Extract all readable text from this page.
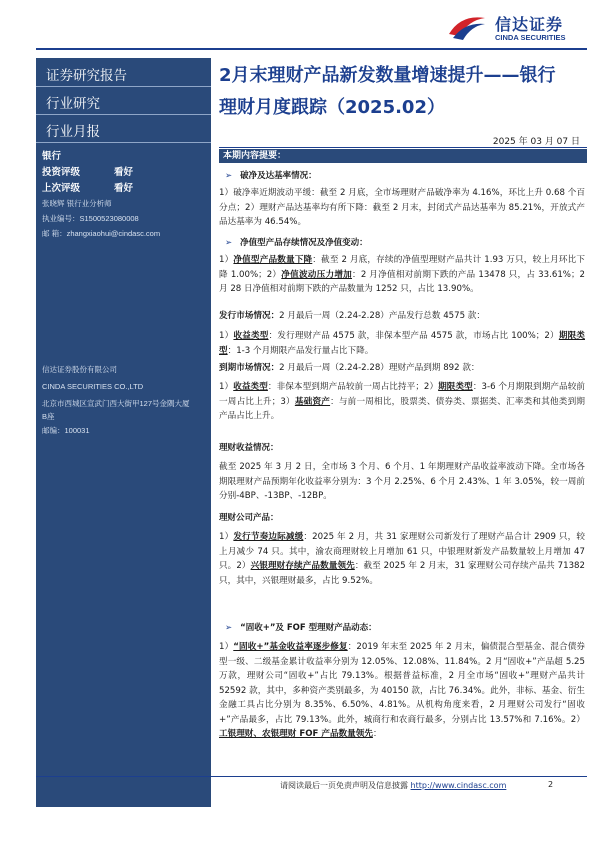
信达证券
CINDA SECURITIES
证券研究报告
行业研究
行业月报
银行
投资评级	看好
上次评级	看好
张晓辉 银行业分析师
执业编号：S1500523080008
邮 箱：zhangxiaohui@cindasc.com
信达证券股份有限公司
CINDA SECURITIES CO.,LTD
北京市西城区宣武门西大街甲127号金隅大厦
B座
邮编：100031
2月末理财产品新发数量增速提升——银行
理财月度跟踪（2025.02）
2025 年 03 月 07 日
本期内容提要：
➢ 破净及达基率情况：
1）破净率近期波动平缓：截至 2 月底，全市场理财产品破净率为 4.16%，环比上升 0.68 个百分点；2）理财产品达基率均有所下降：截至 2 月末，封闭式产品达基率为 85.21%，开放式产品达基率为 46.54%。
➢ 净值型产品存续情况及净值变动：
1）净值型产品数量下降：截至 2 月底，存续的净值型理财产品共计 1.93 万只，较上月环比下降 1.00%；2）净值波动压力增加：2 月净值相对前期下跌的产品 13478 只，占 33.61%；2 月 28 日净值相对前期下跌的产品数量为 1252 只，占比 13.90%。
发行市场情况：2 月最后一周（2.24-2.28）产品发行总数 4575 款：
1）收益类型：发行理财产品 4575 款，非保本型产品 4575 款，市场占比 100%；2）期限类型：1-3 个月期限产品发行量占比下降。
到期市场情况：2 月最后一周（2.24-2.28）理财产品到期 892 款：
1）收益类型：非保本型到期产品较前一周占比持平；2）期限类型：3-6 个月期限到期产品较前一周占比上升；3）基础资产：与前一周相比，股票类、债券类、票据类、汇率类和其他类到期产品占比上升。
理财收益情况：
截至 2025 年 3 月 2 日，全市场 3 个月、6 个月、1 年期理财产品收益率波动下降。全市场各期限理财产品预期年化收益率分别为：3 个月 2.25%、6 个月 2.43%、1 年 3.05%，较一周前分别-4BP、-13BP、-12BP。
理财公司产品：
1）发行节奏边际减缓：2025 年 2 月，共 31 家理财公司新发行了理财产品合计 2909 只，较上月减少 74 只。其中，渝农商理财较上月增加 61 只，中银理财新发产品数量较上月增加 47 只。2）兴银理财存续产品数量领先：截至 2025 年 2 月末，31 家理财公司存续产品共 71382 只，其中，兴银理财最多，占比 9.52%。
➢ “固收+”及 FOF 型理财产品动态：
1）“固收+”基金收益率逐步修复：2019 年末至 2025 年 2 月末，偏债混合型基金、混合债券型一级、二级基金累计收益率分别为 12.05%、12.08%、11.84%。2 月“固收+”产品超 5.25 万款，理财公司“固收+”占比 79.13%。根据普益标准，2 月全市场“固收+”理财产品共计 52592 款，其中，多种资产类别最多，为 40150 款，占比 76.34%。此外，非标、基金、衍生金融工具占比分别为 8.35%、6.50%、4.81%。从机构角度来看，2 月理财公司发行“固收+”产品最多，占比 79.13%。此外，城商行和农商行最多，分别占比 13.57%和 7.16%。2）工银理财、农银理财 FOF 产品数量领先：
请阅读最后一页免责声明及信息披露 http://www.cindasc.com	2
